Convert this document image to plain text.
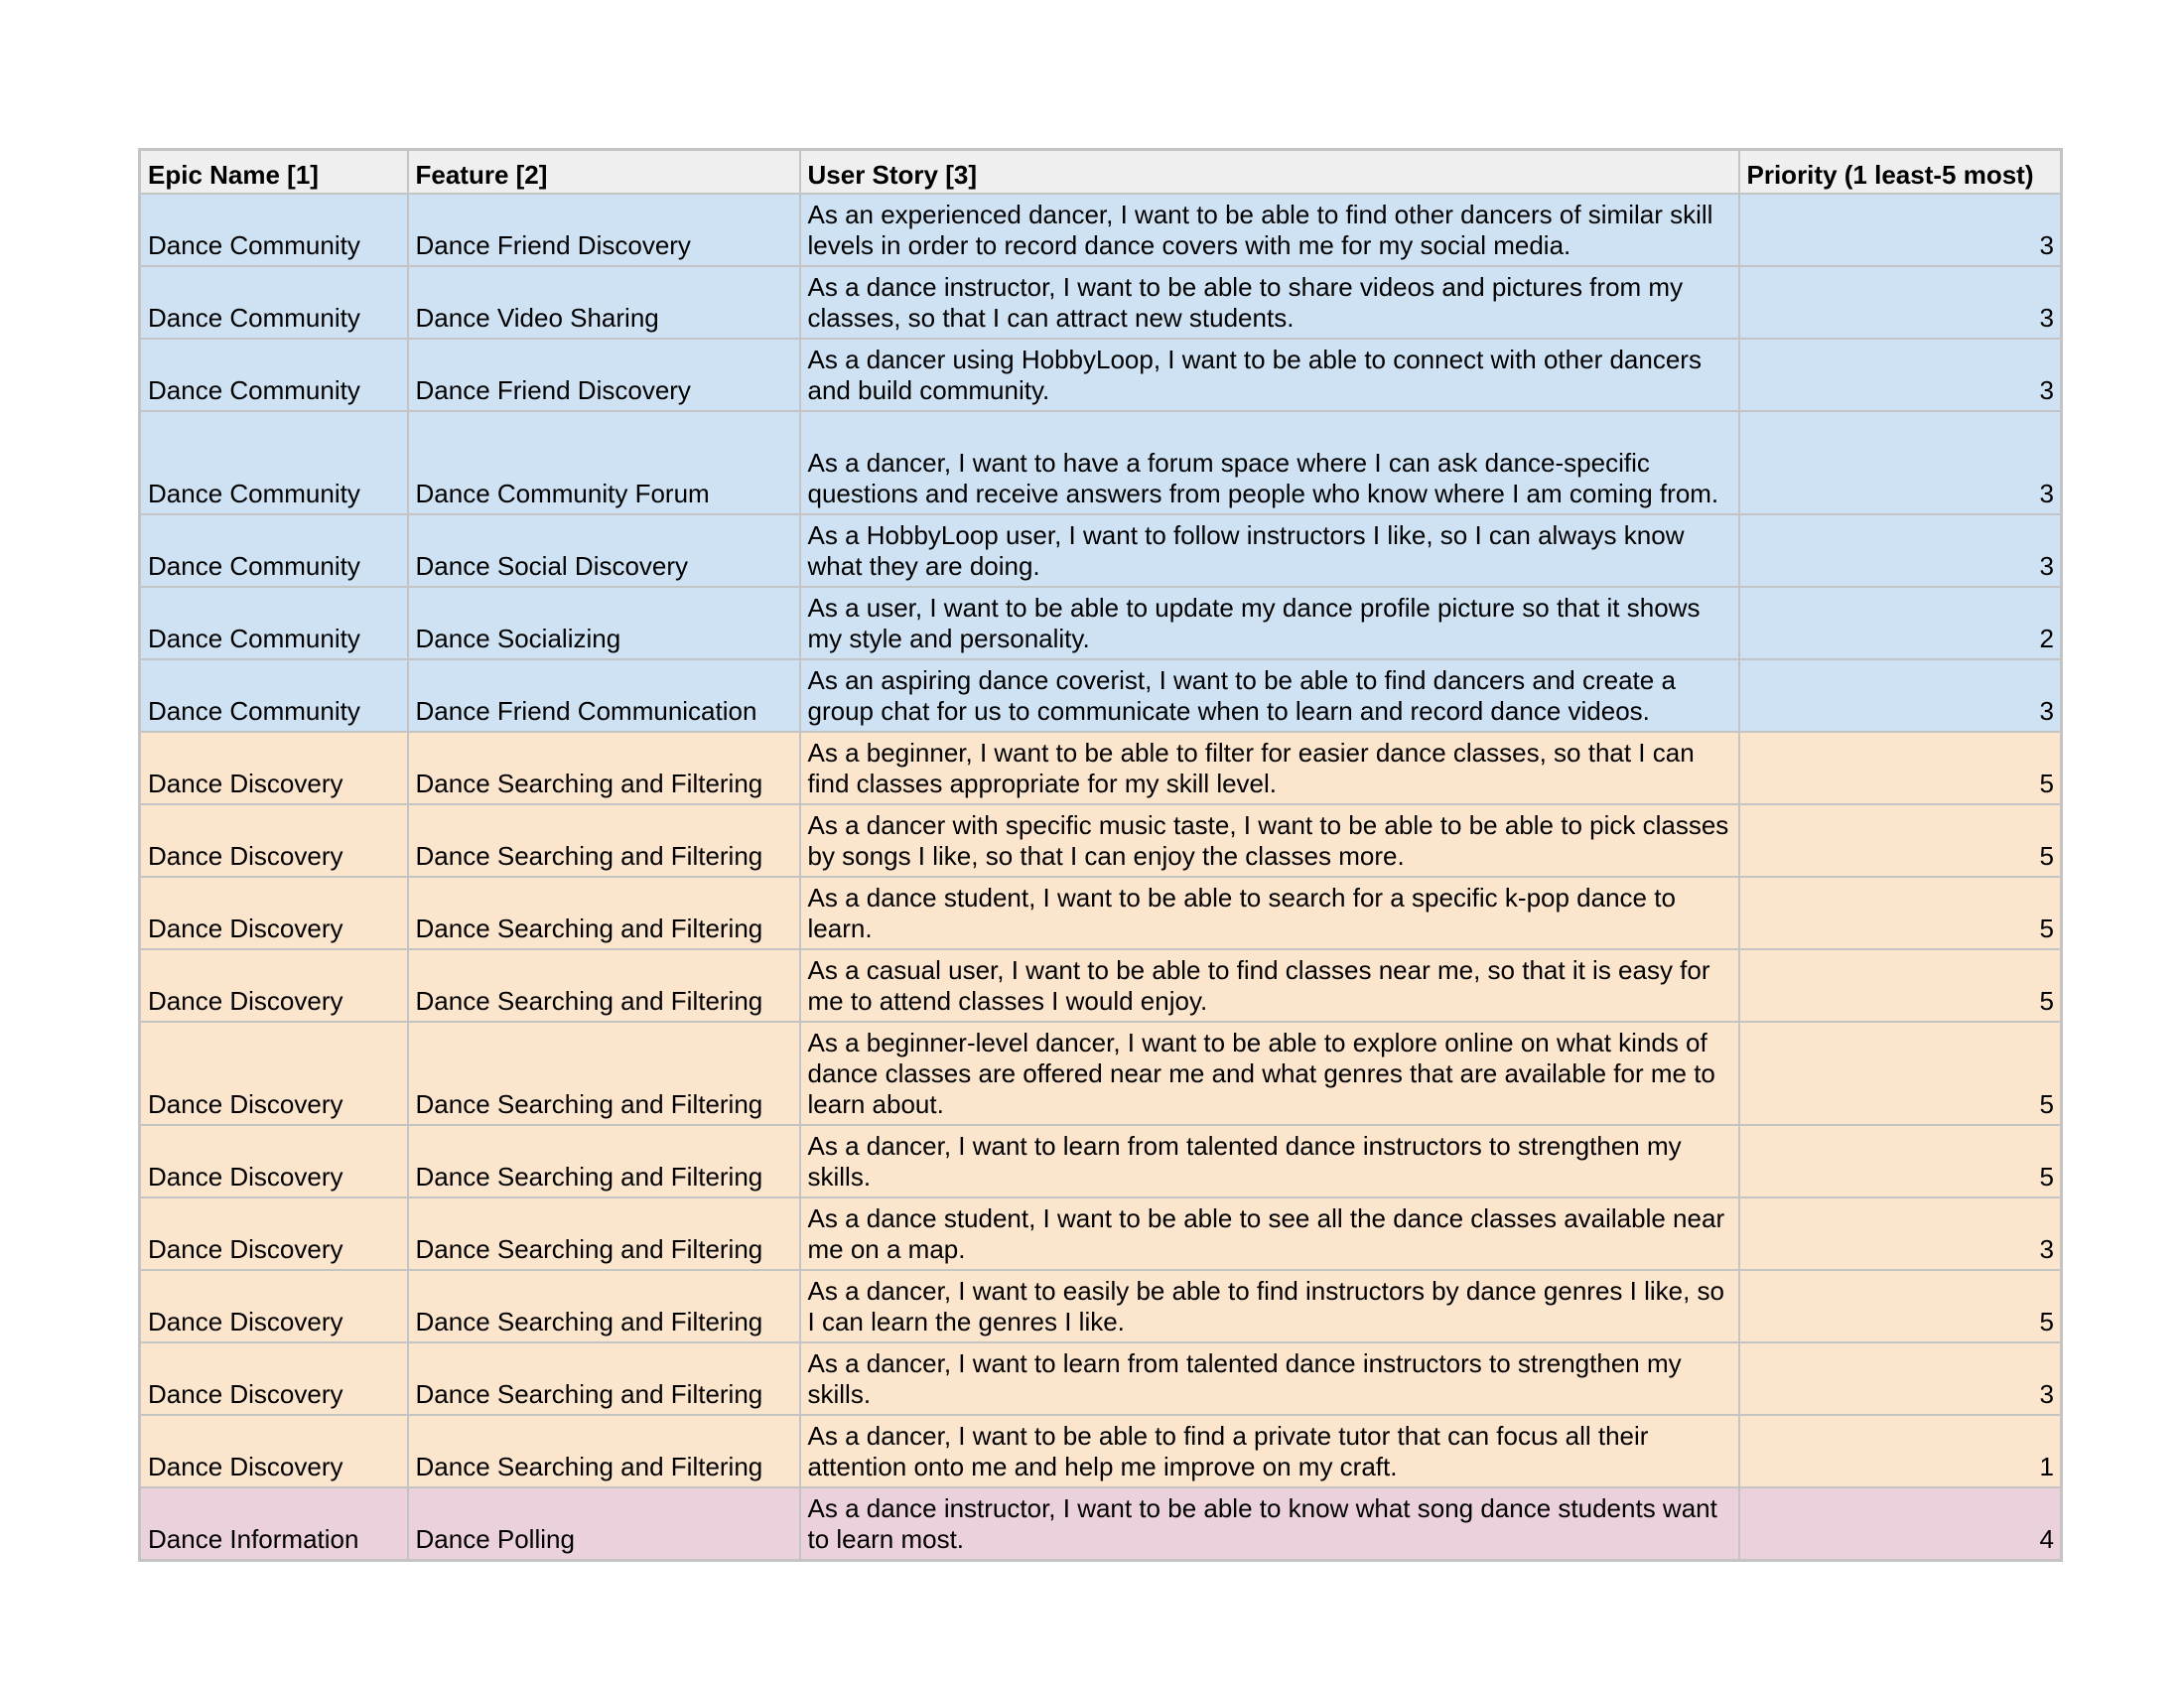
Epic Name [1]	Feature [2]	User Story [3]	Priority (1 least-5 most)
Dance Community	Dance Friend Discovery	As an experienced dancer, I want to be able to find other dancers of similar skill levels in order to record dance covers with me for my social media.	3
Dance Community	Dance Video Sharing	As a dance instructor, I want to be able to share videos and pictures from my classes, so that I can attract new students.	3
Dance Community	Dance Friend Discovery	As a dancer using HobbyLoop, I want to be able to connect with other dancers and build community.	3
Dance Community	Dance Community Forum	As a dancer, I want to have a forum space where I can ask dance-specific questions and receive answers from people who know where I am coming from.	3
Dance Community	Dance Social Discovery	As a HobbyLoop user, I want to follow instructors I like, so I can always know what they are doing.	3
Dance Community	Dance Socializing	As a user, I want to be able to update my dance profile picture so that it shows my style and personality.	2
Dance Community	Dance Friend Communication	As an aspiring dance coverist, I want to be able to find dancers and create a group chat for us to communicate when to learn and record dance videos.	3
Dance Discovery	Dance Searching and Filtering	As a beginner, I want to be able to filter for easier dance classes, so that I can find classes appropriate for my skill level.	5
Dance Discovery	Dance Searching and Filtering	As a dancer with specific music taste, I want to be able to be able to pick classes by songs I like, so that I can enjoy the classes more.	5
Dance Discovery	Dance Searching and Filtering	As a dance student, I want to be able to search for a specific k-pop dance to learn.	5
Dance Discovery	Dance Searching and Filtering	As a casual user, I want to be able to find classes near me, so that it is easy for me to attend classes I would enjoy.	5
Dance Discovery	Dance Searching and Filtering	As a beginner-level dancer, I want to be able to explore online on what kinds of dance classes are offered near me and what genres that are available for me to learn about.	5
Dance Discovery	Dance Searching and Filtering	As a dancer, I want to learn from talented dance instructors to strengthen my skills.	5
Dance Discovery	Dance Searching and Filtering	As a dance student, I want to be able to see all the dance classes available near me on a map.	3
Dance Discovery	Dance Searching and Filtering	As a dancer, I want to easily be able to find instructors by dance genres I like, so I can learn the genres I like.	5
Dance Discovery	Dance Searching and Filtering	As a dancer, I want to learn from talented dance instructors to strengthen my skills.	3
Dance Discovery	Dance Searching and Filtering	As a dancer, I want to be able to find a private tutor that can focus all their attention onto me and help me improve on my craft.	1
Dance Information	Dance Polling	As a dance instructor, I want to be able to know what song dance students want to learn most.	4
